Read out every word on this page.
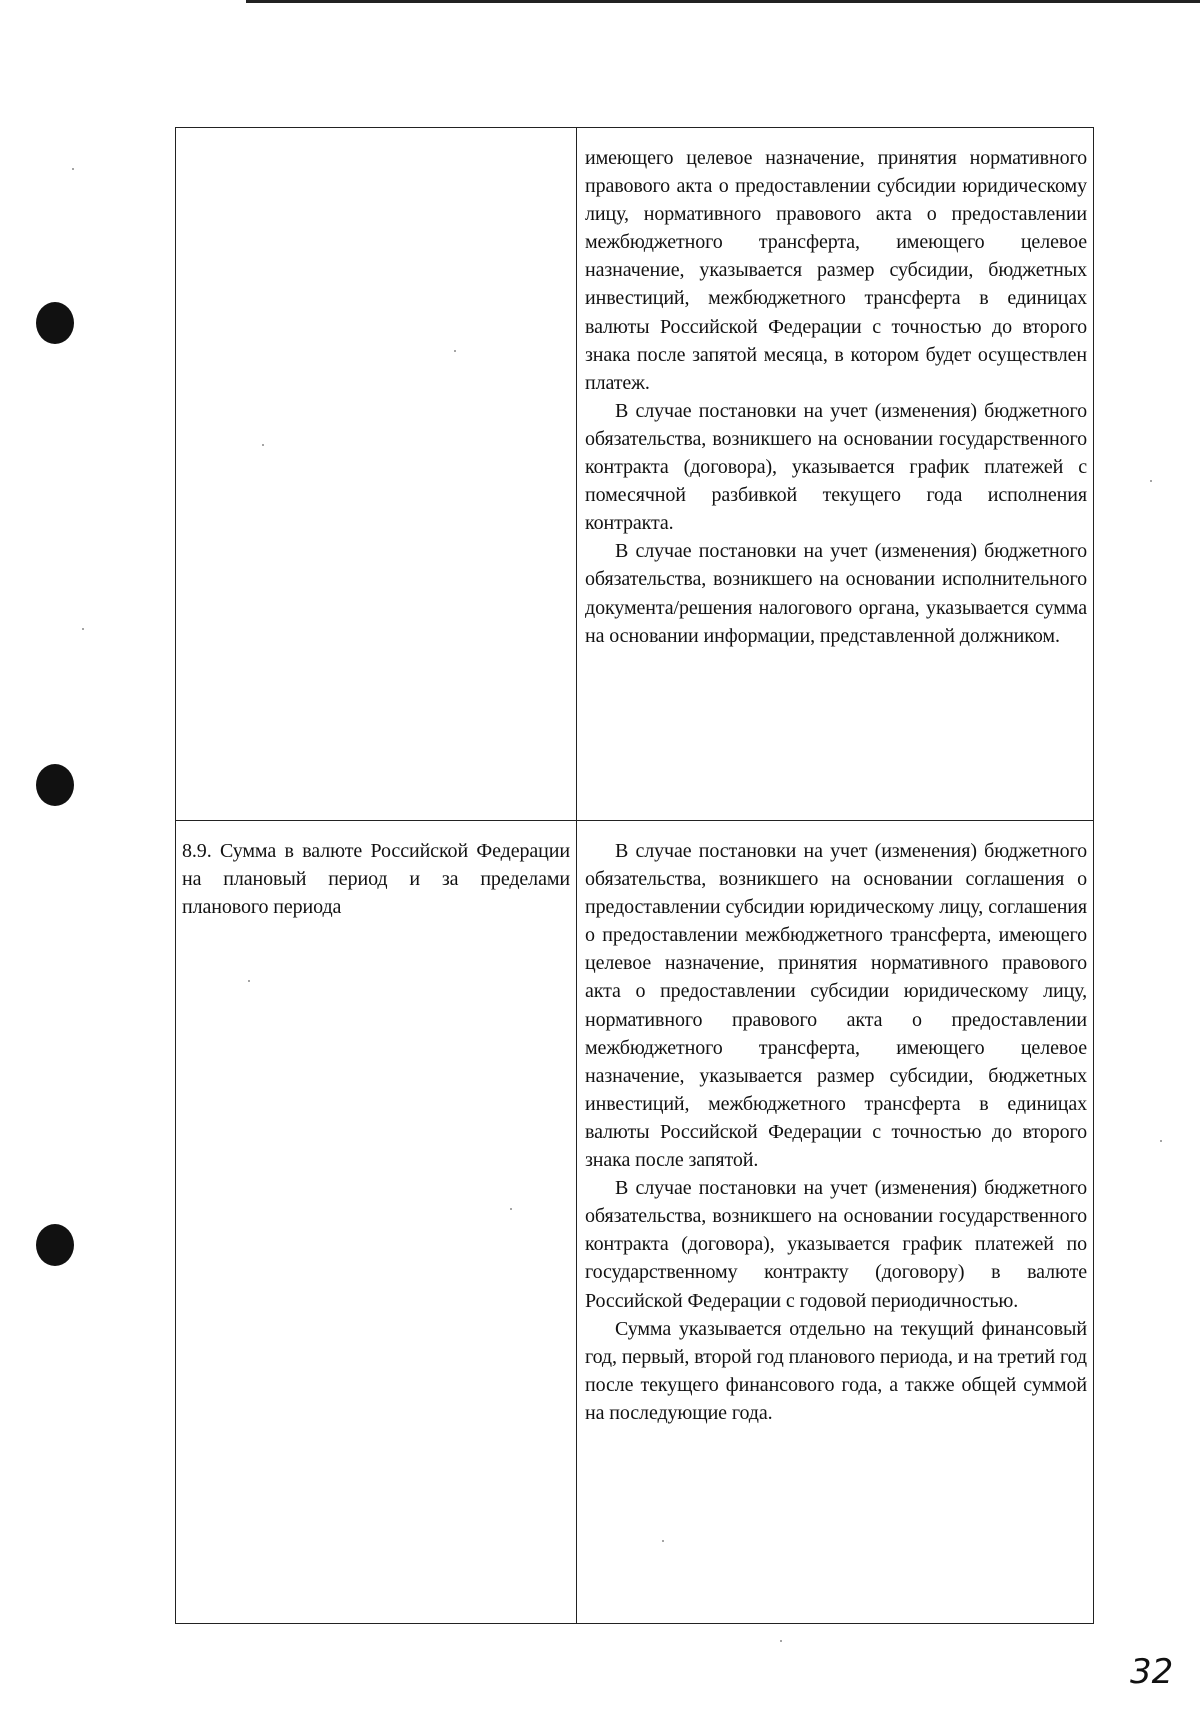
	имеющего целевое назначение, принятия нормативного правового акта о предоставлении субсидии юридическому лицу, нормативного правового акта о предоставлении межбюджетного трансферта, имеющего целевое назначение, указывается размер субсидии, бюджетных инвестиций, межбюджетного трансферта в единицах валюты Российской Федерации с точностью до второго знака после запятой месяца, в котором будет осуществлен платеж.

В случае постановки на учет (изменения) бюджетного обязательства, возникшего на основании государственного контракта (договора), указывается график платежей с помесячной разбивкой текущего года исполнения контракта.

В случае постановки на учет (изменения) бюджетного обязательства, возникшего на основании исполнительного документа/решения налогового органа, указывается сумма на основании информации, представленной должником.

8.9. Сумма в валюте Российской Федерации на плановый период и за пределами планового периода	В случае постановки на учет (изменения) бюджетного обязательства, возникшего на основании соглашения о предоставлении субсидии юридическому лицу, соглашения о предоставлении межбюджетного трансферта, имеющего целевое назначение, принятия нормативного правового акта о предоставлении субсидии юридическому лицу, нормативного правового акта о предоставлении межбюджетного трансферта, имеющего целевое назначение, указывается размер субсидии, бюджетных инвестиций, межбюджетного трансферта в единицах валюты Российской Федерации с точностью до второго знака после запятой.

В случае постановки на учет (изменения) бюджетного обязательства, возникшего на основании государственного контракта (договора), указывается график платежей по государственному контракту (договору) в валюте Российской Федерации с годовой периодичностью.

Сумма указывается отдельно на текущий финансовый год, первый, второй год планового периода, и на третий год после текущего финансового года, а также общей суммой на последующие года.

32
